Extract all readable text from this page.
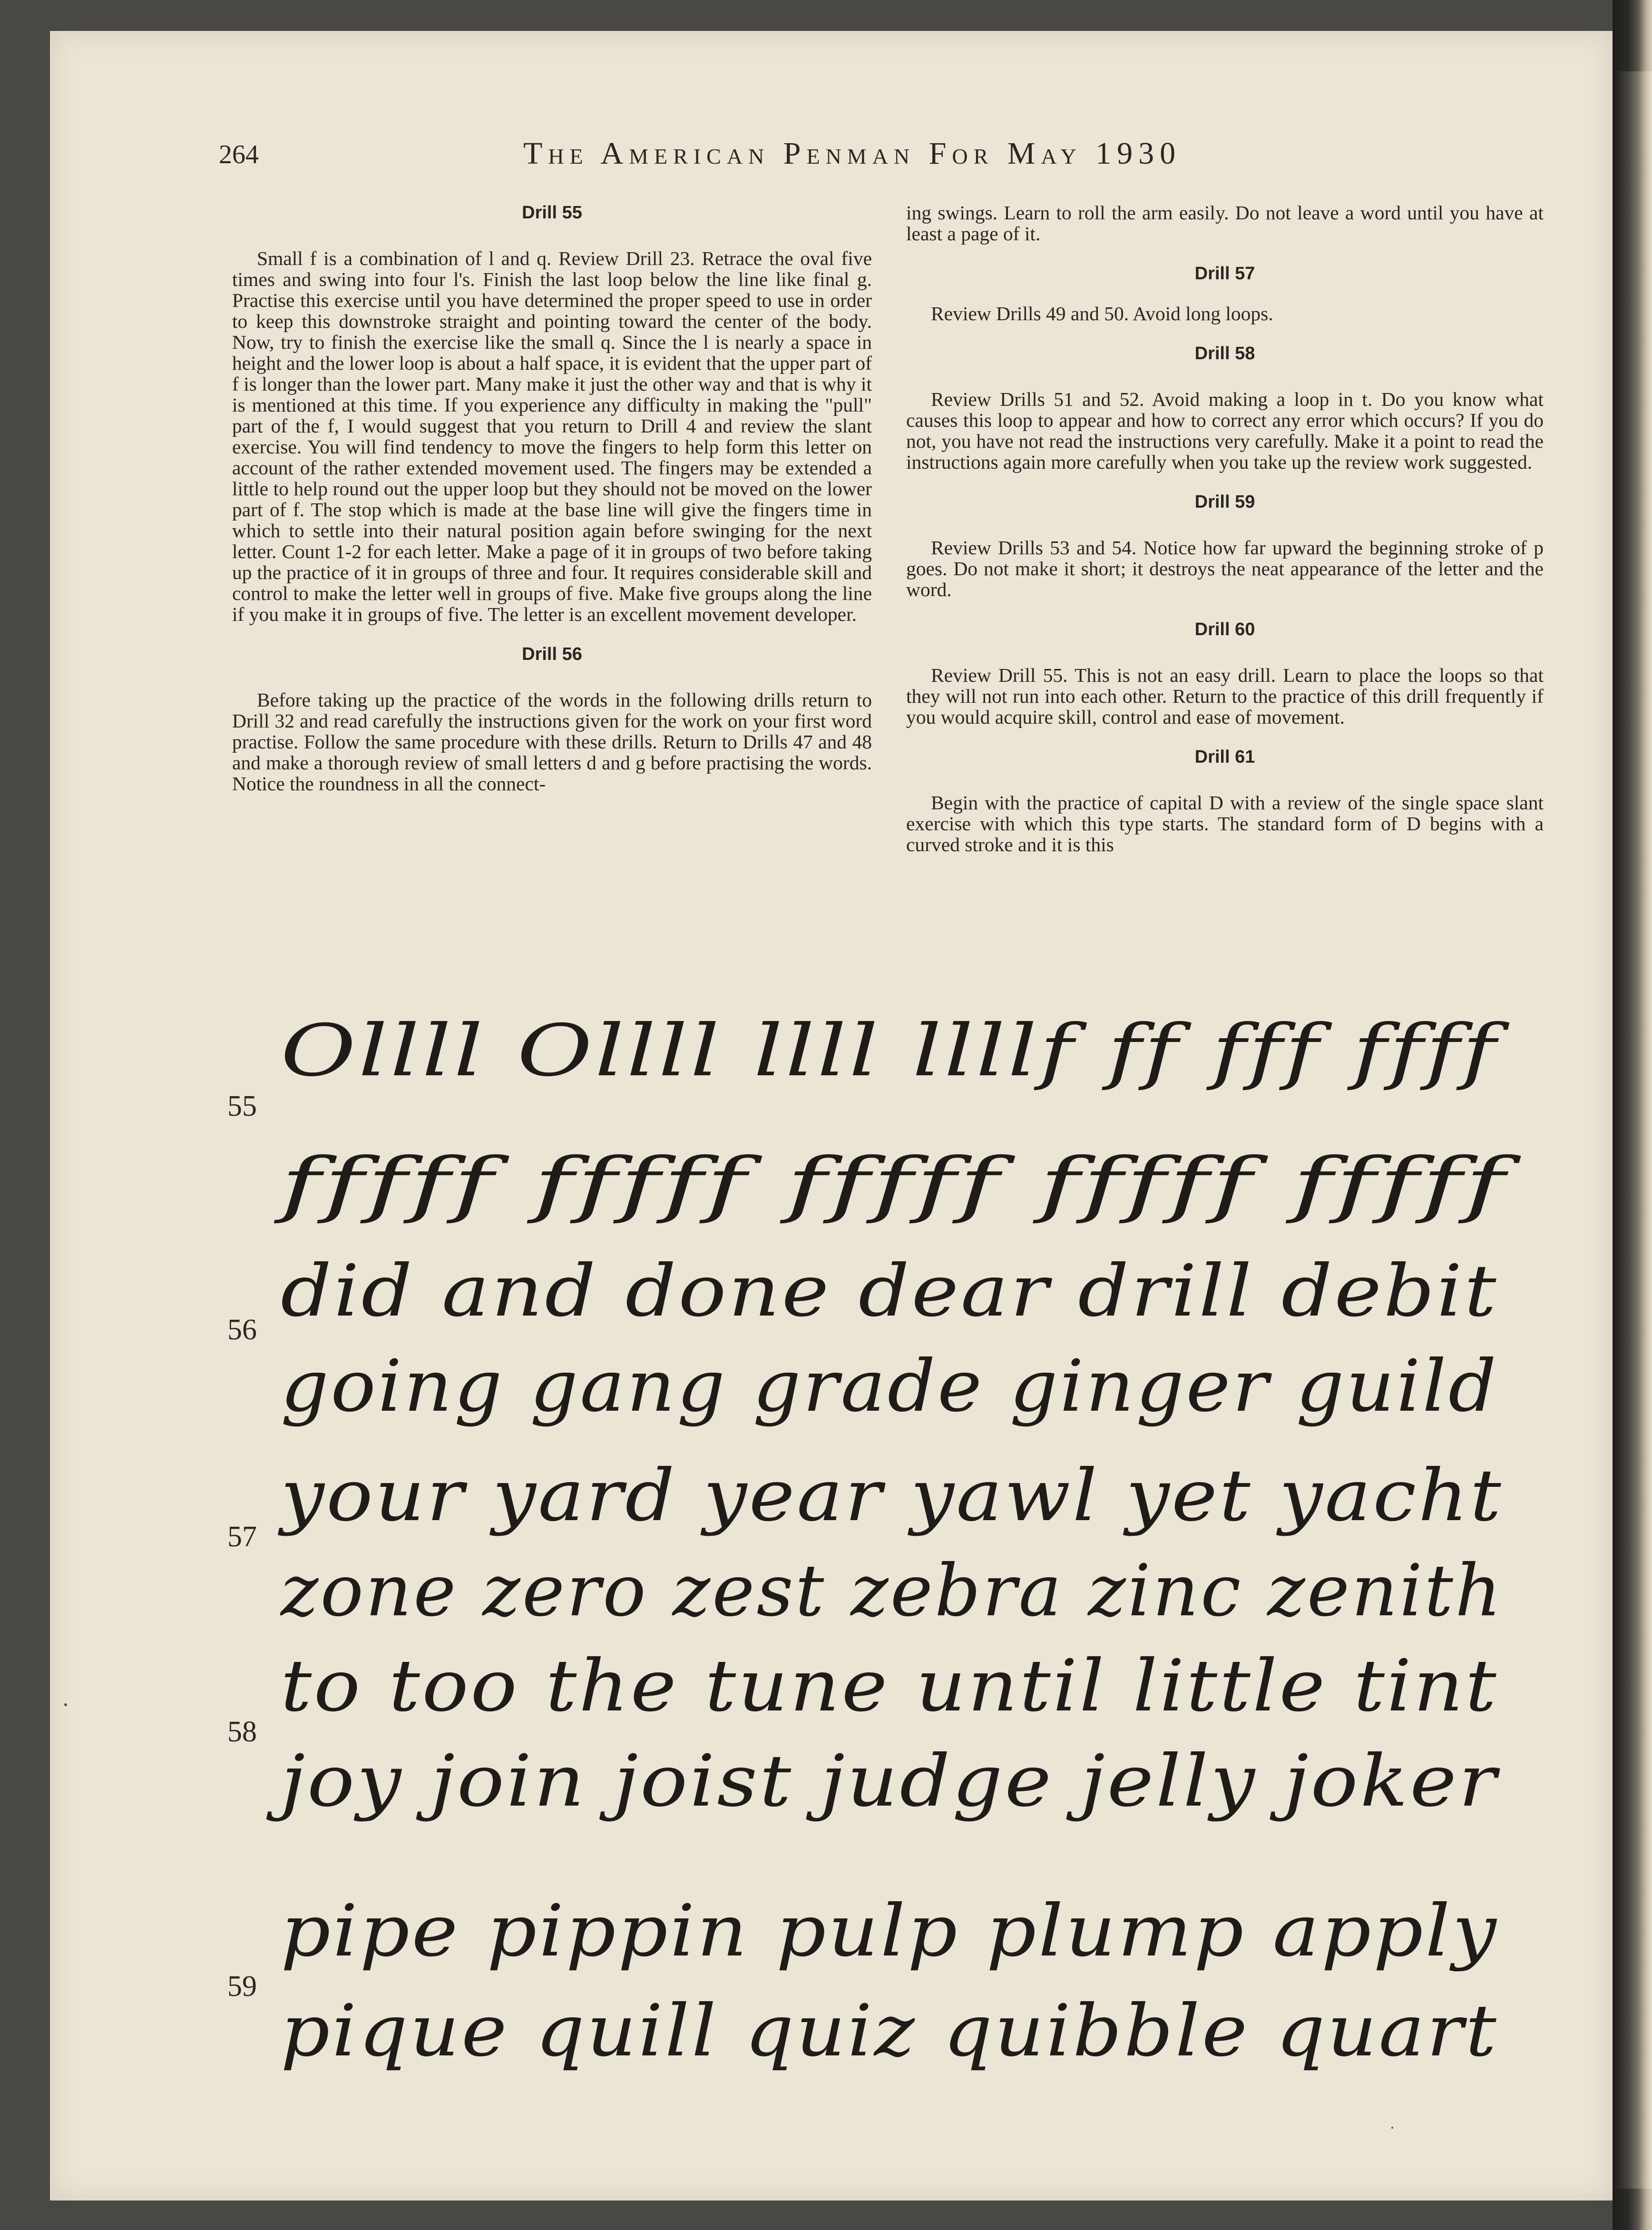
264	The American Penman For May 1930

Drill 55

Small f is a combination of l and q. Review Drill 23. Retrace the oval five times and swing into four l's. Finish the last loop below the line like final g. Practise this exercise until you have determined the proper speed to use in order to keep this downstroke straight and pointing toward the center of the body. Now, try to finish the exercise like the small q. Since the l is nearly a space in height and the lower loop is about a half space, it is evident that the upper part of f is longer than the lower part. Many make it just the other way and that is why it is mentioned at this time. If you experience any difficulty in making the "pull" part of the f, I would suggest that you return to Drill 4 and review the slant exercise. You will find tendency to move the fingers to help form this letter on account of the rather extended movement used. The fingers may be extended a little to help round out the upper loop but they should not be moved on the lower part of f. The stop which is made at the base line will give the fingers time in which to settle into their natural position again before swinging for the next letter. Count 1-2 for each letter. Make a page of it in groups of two before taking up the practice of it in groups of three and four. It requires considerable skill and control to make the letter well in groups of five. Make five groups along the line if you make it in groups of five. The letter is an excellent movement developer.

Drill 56

Before taking up the practice of the words in the following drills return to Drill 32 and read carefully the instructions given for the work on your first word practise. Follow the same procedure with these drills. Return to Drills 47 and 48 and make a thorough review of small letters d and g before practising the words. Notice the roundness in all the connect-

ing swings. Learn to roll the arm easily. Do not leave a word until you have at least a page of it.

Drill 57

Review Drills 49 and 50. Avoid long loops.

Drill 58

Review Drills 51 and 52. Avoid making a loop in t. Do you know what causes this loop to appear and how to correct any error which occurs? If you do not, you have not read the instructions very carefully. Make it a point to read the instructions again more carefully when you take up the review work suggested.

Drill 59

Review Drills 53 and 54. Notice how far upward the beginning stroke of p goes. Do not make it short; it destroys the neat appearance of the letter and the word.

Drill 60

Review Drill 55. This is not an easy drill. Learn to place the loops so that they will not run into each other. Return to the practice of this drill frequently if you would acquire skill, control and ease of movement.

Drill 61

Begin with the practice of capital D with a review of the single space slant exercise with which this type starts. The standard form of D begins with a curved stroke and it is this

55
Ollll Ollll llll llllf ff fff ffff
fffff fffff fffff fffff fffff
56 did and done dear drill debit
going gang grade ginger guild
57 your yard year yawl yet yacht
zone zero zest zebra zinc zenith
58
to too the tune until little tint
joy join joist judge jelly joker
59
pipe pippin pulp plump apply
pique quill quiz quibble quart
